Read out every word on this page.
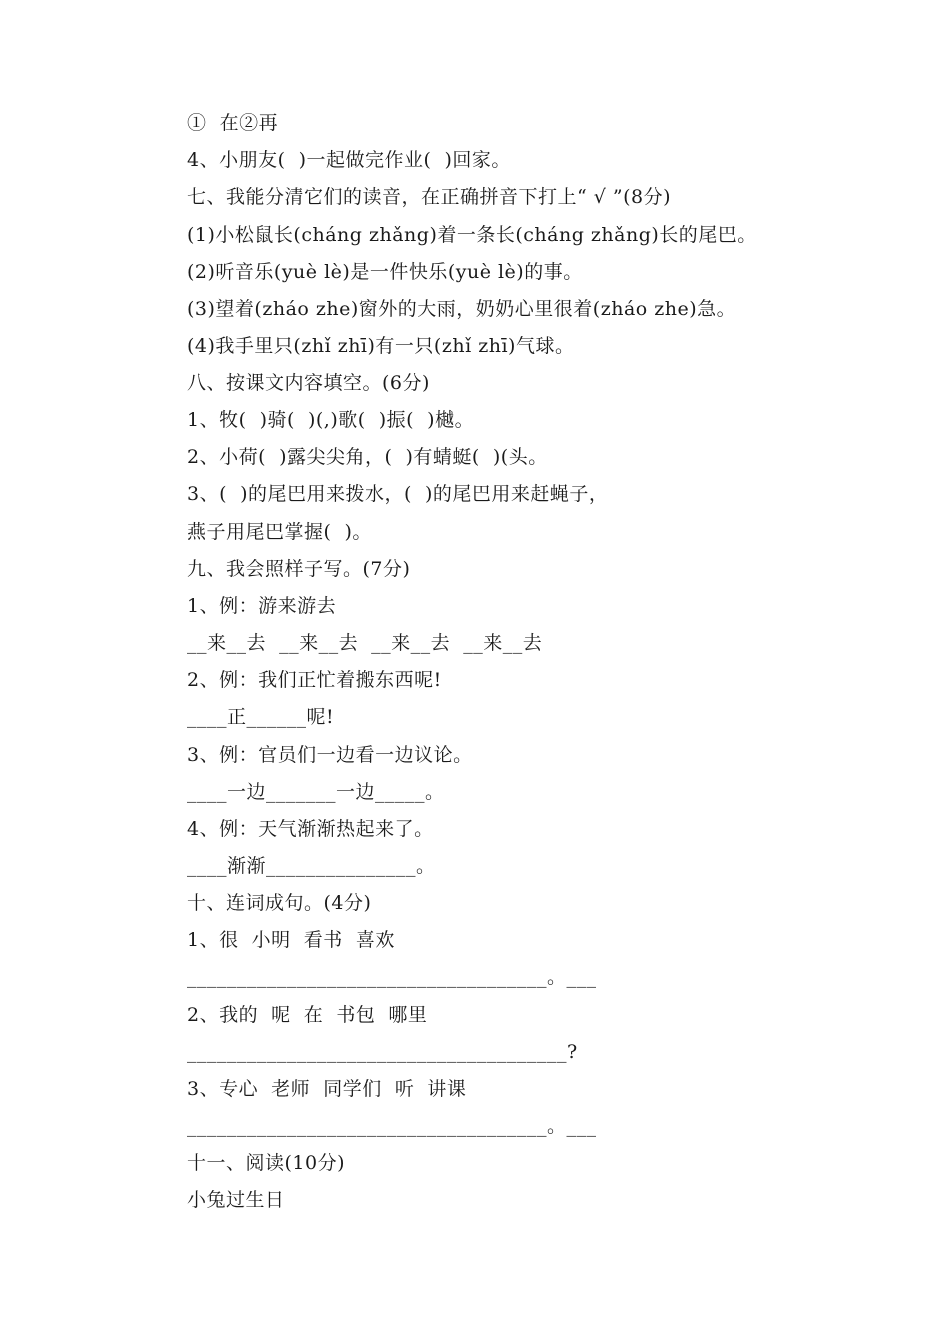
①  在②再
4、小朋友(  )一起做完作业(  )回家。
七、我能分清它们的读音，在正确拼音下打上“ √ ”(8分)
(1)小松鼠长(cháng zhǎng)着一条长(cháng zhǎng)长的尾巴。
(2)听音乐(yuè lè)是一件快乐(yuè lè)的事。
(3)望着(zháo zhe)窗外的大雨，奶奶心里很着(zháo zhe)急。
(4)我手里只(zhǐ zhī)有一只(zhǐ zhī)气球。
八、按课文内容填空。(6分)
1、牧(  )骑(  )(,)歌(  )振(  )樾。
2、小荷(  )露尖尖角，(  )有蜻蜓(  )(头。
3、(  )的尾巴用来拨水，(  )的尾巴用来赶蝇子，
燕子用尾巴掌握(  )。
九、我会照样子写。(7分)
1、例：游来游去
__来__去  __来__去  __来__去  __来__去
2、例：我们正忙着搬东西呢!
____正______呢!
3、例：官员们一边看一边议论。
____一边_______一边_____。
4、例：天气渐渐热起来了。
____渐渐_______________。
十、连词成句。(4分)
1、很  小明  看书  喜欢
____________________________________。___
2、我的  呢  在  书包  哪里
______________________________________?
3、专心  老师  同学们  听  讲课
____________________________________。___
十一、阅读(10分)
小兔过生日
